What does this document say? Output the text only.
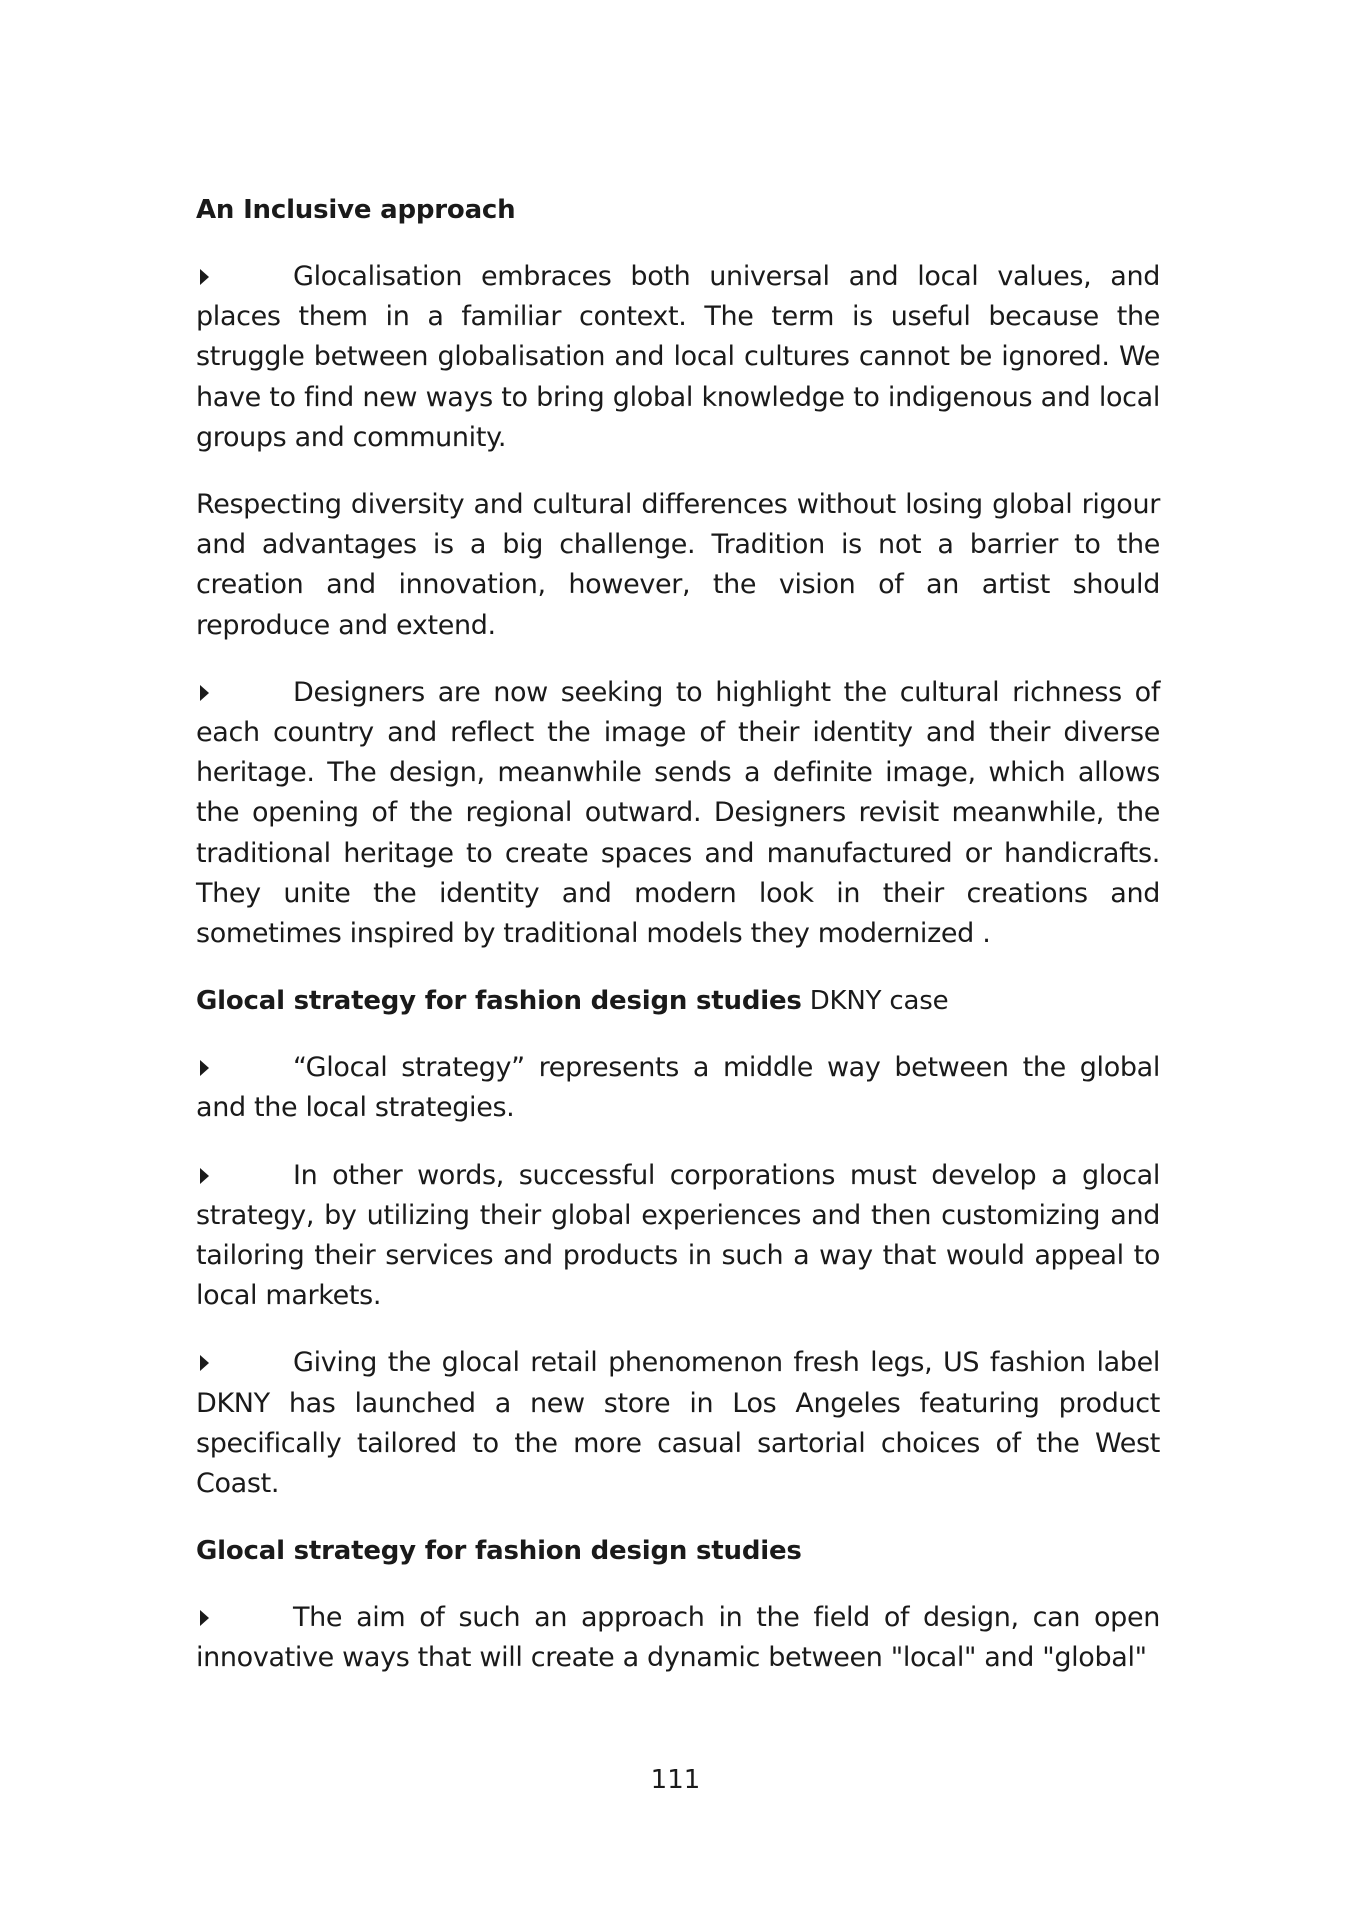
An Inclusive approach

Glocalisation embraces both universal and local values, and places them in a familiar context. The term is useful because the struggle between globalisation and local cultures cannot be ignored. We have to find new ways to bring global knowledge to indigenous and local groups and community.

Respecting diversity and cultural differences without losing global rigour and advantages is a big challenge. Tradition is not a barrier to the creation and innovation, however, the vision of an artist should reproduce and extend.

Designers are now seeking to highlight the cultural richness of each country and reflect the image of their identity and their diverse heritage. The design, meanwhile sends a definite image, which allows the opening of the regional outward. Designers revisit meanwhile, the traditional heritage to create spaces and manufactured or handicrafts. They unite the identity and modern look in their creations and sometimes inspired by traditional models they modernized .

Glocal strategy for fashion design studies DKNY case

“Glocal strategy” represents a middle way between the global and the local strategies.

In other words, successful corporations must develop a glocal strategy, by utilizing their global experiences and then customizing and tailoring their services and products in such a way that would appeal to local markets.

Giving the glocal retail phenomenon fresh legs, US fashion label DKNY has launched a new store in Los Angeles featuring product specifically tailored to the more casual sartorial choices of the West Coast.

Glocal strategy for fashion design studies

The aim of such an approach in the field of design, can open innovative ways that will create a dynamic between "local" and "global"

111
